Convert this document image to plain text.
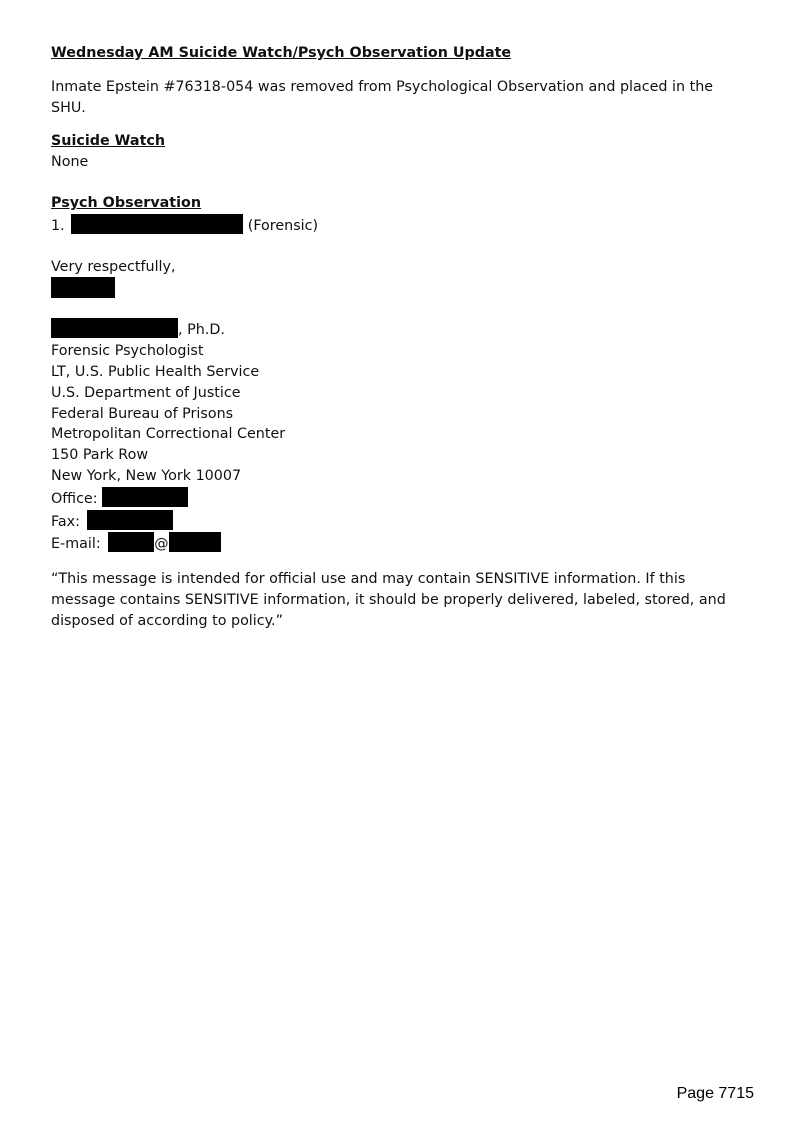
Wednesday AM Suicide Watch/Psych Observation Update

Inmate Epstein #76318-054 was removed from Psychological Observation and placed in the SHU.

Suicide Watch

None

Psych Observation

1.	(Forensic)

Very respectfully,

, Ph.D.

Forensic Psychologist

LT, U.S. Public Health Service

U.S. Department of Justice

Federal Bureau of Prisons

Metropolitan Correctional Center

150 Park Row

New York, New York 10007

Office:

Fax:

E-mail:	@

“This message is intended for official use and may contain SENSITIVE information. If this message contains SENSITIVE information, it should be properly delivered, labeled, stored, and disposed of according to policy.”

Page 7715
